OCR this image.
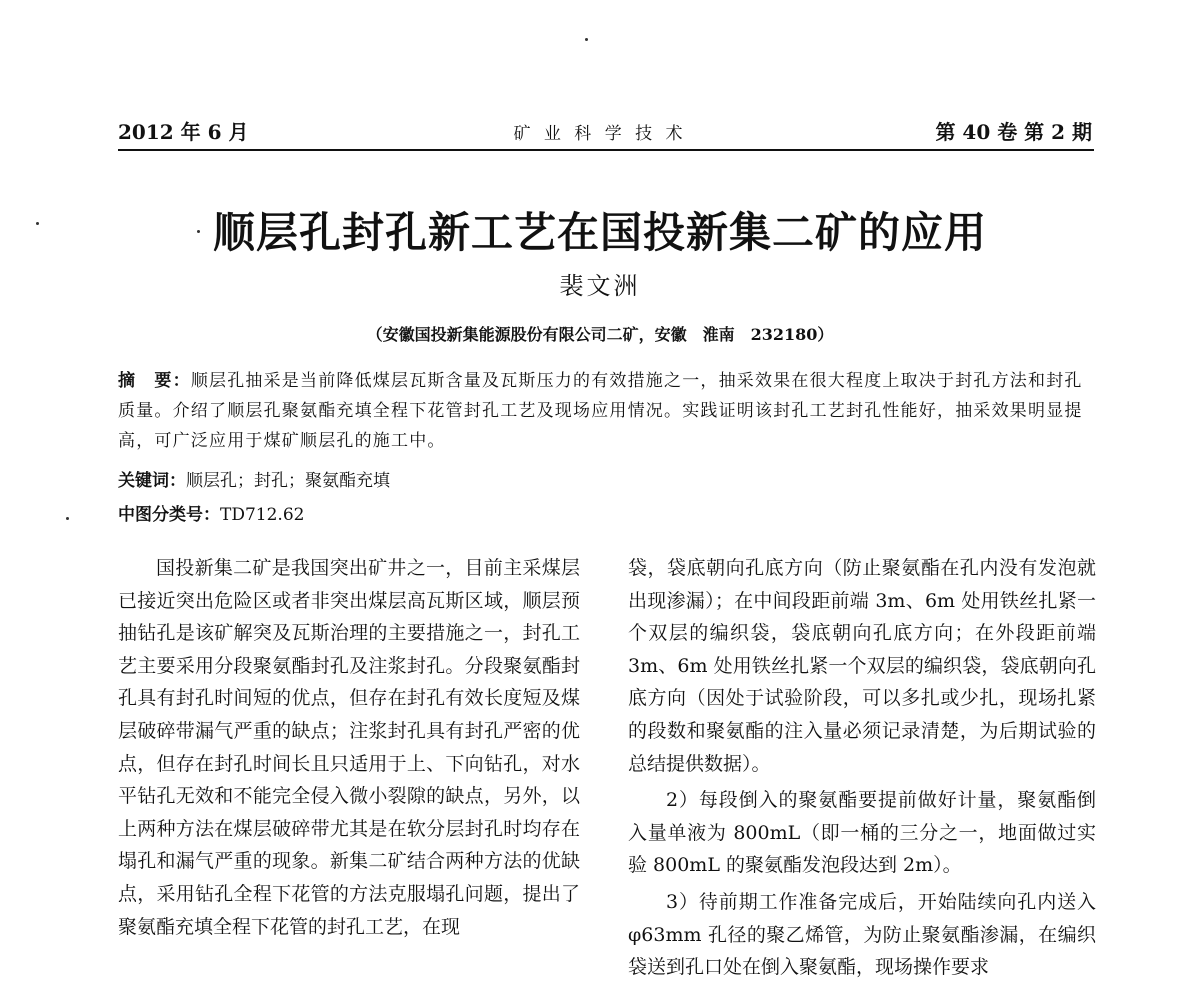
2012 年 6 月	矿 业 科 学 技 术	第 40 卷 第 2 期
顺层孔封孔新工艺在国投新集二矿的应用
裴文洲
（安徽国投新集能源股份有限公司二矿，安徽　淮南　232180）

摘　要：顺层孔抽采是当前降低煤层瓦斯含量及瓦斯压力的有效措施之一，抽采效果在很大程度上取决于封孔方法和封孔质量。介绍了顺层孔聚氨酯充填全程下花管封孔工艺及现场应用情况。实践证明该封孔工艺封孔性能好，抽采效果明显提高，可广泛应用于煤矿顺层孔的施工中。

关键词：顺层孔；封孔；聚氨酯充填
中图分类号：TD712.62

国投新集二矿是我国突出矿井之一，目前主采煤层已接近突出危险区或者非突出煤层高瓦斯区域，顺层预抽钻孔是该矿解突及瓦斯治理的主要措施之一，封孔工艺主要采用分段聚氨酯封孔及注浆封孔。分段聚氨酯封孔具有封孔时间短的优点，但存在封孔有效长度短及煤层破碎带漏气严重的缺点；注浆封孔具有封孔严密的优点，但存在封孔时间长且只适用于上、下向钻孔，对水平钻孔无效和不能完全侵入微小裂隙的缺点，另外，以上两种方法在煤层破碎带尤其是在软分层封孔时均存在塌孔和漏气严重的现象。新集二矿结合两种方法的优缺点，采用钻孔全程下花管的方法克服塌孔问题，提出了聚氨酯充填全程下花管的封孔工艺，在现

袋，袋底朝向孔底方向（防止聚氨酯在孔内没有发泡就出现渗漏）；在中间段距前端 3m、6m 处用铁丝扎紧一个双层的编织袋，袋底朝向孔底方向；在外段距前端 3m、6m 处用铁丝扎紧一个双层的编织袋，袋底朝向孔底方向（因处于试验阶段，可以多扎或少扎，现场扎紧的段数和聚氨酯的注入量必须记录清楚，为后期试验的总结提供数据）。

2）每段倒入的聚氨酯要提前做好计量，聚氨酯倒入量单液为 800mL（即一桶的三分之一，地面做过实验 800mL 的聚氨酯发泡段达到 2m）。

3）待前期工作准备完成后，开始陆续向孔内送入 φ63mm 孔径的聚乙烯管，为防止聚氨酯渗漏，在编织袋送到孔口处在倒入聚氨酯，现场操作要求
